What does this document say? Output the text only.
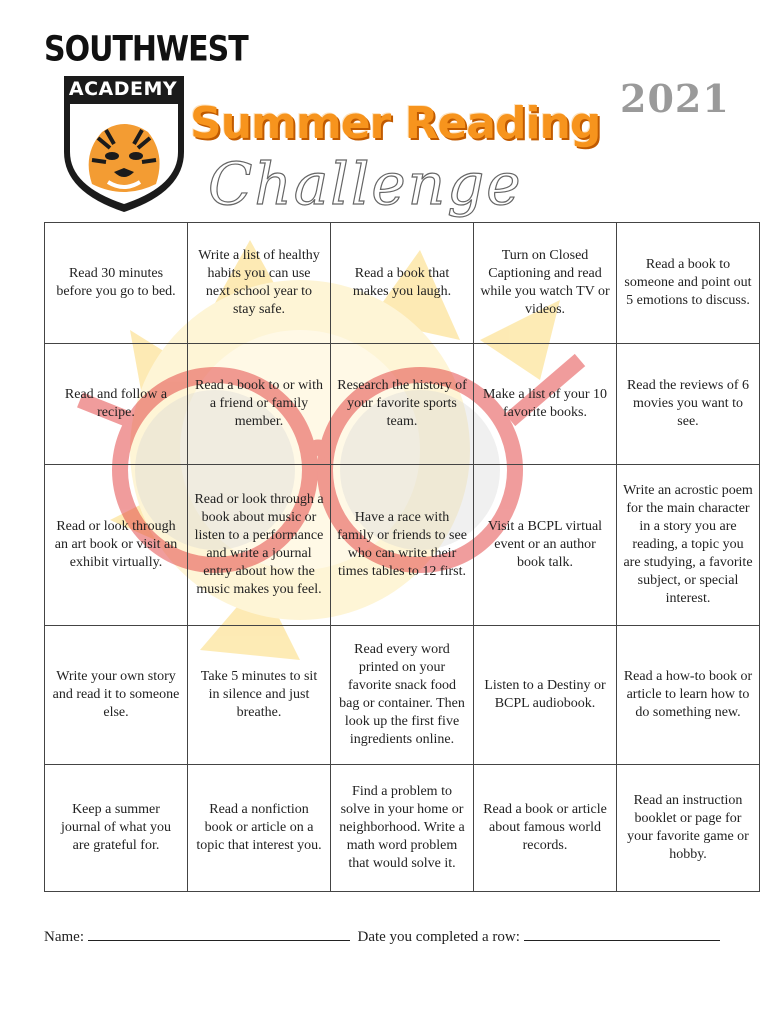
SOUTHWEST
ACADEMY	2021
Summer Reading
Challenge
Read 30 minutes before you go to bed.	Write a list of healthy habits you can use next school year to stay safe.	Read a book that makes you laugh.	Turn on Closed Captioning and read while you watch TV or videos.	Read a book to someone and point out 5 emotions to discuss.
Read and follow a recipe.	Read a book to or with a friend or family member.	Research the history of your favorite sports team.	Make a list of your 10 favorite books.	Read the reviews of 6 movies you want to see.
Read or look through an art book or visit an exhibit virtually.	Read or look through a book about music or listen to a performance and write a journal entry about how the music makes you feel.	Have a race with family or friends to see who can write their times tables to 12 first.	Visit a BCPL virtual event or an author book talk.	Write an acrostic poem for the main character in a story you are reading, a topic you are studying, a favorite subject, or special interest.
Write your own story and read it to someone else.	Take 5 minutes to sit in silence and just breathe.	Read every word printed on your favorite snack food bag or container. Then look up the first five ingredients online.	Listen to a Destiny or BCPL audiobook.	Read a how-to book or article to learn how to do something new.
Keep a summer journal of what you are grateful for.	Read a nonfiction book or article on a topic that interest you.	Find a problem to solve in your home or neighborhood. Write a math word problem that would solve it.	Read a book or article about famous world records.	Read an instruction booklet or page for your favorite game or hobby.
Name:	Date you completed a row:
